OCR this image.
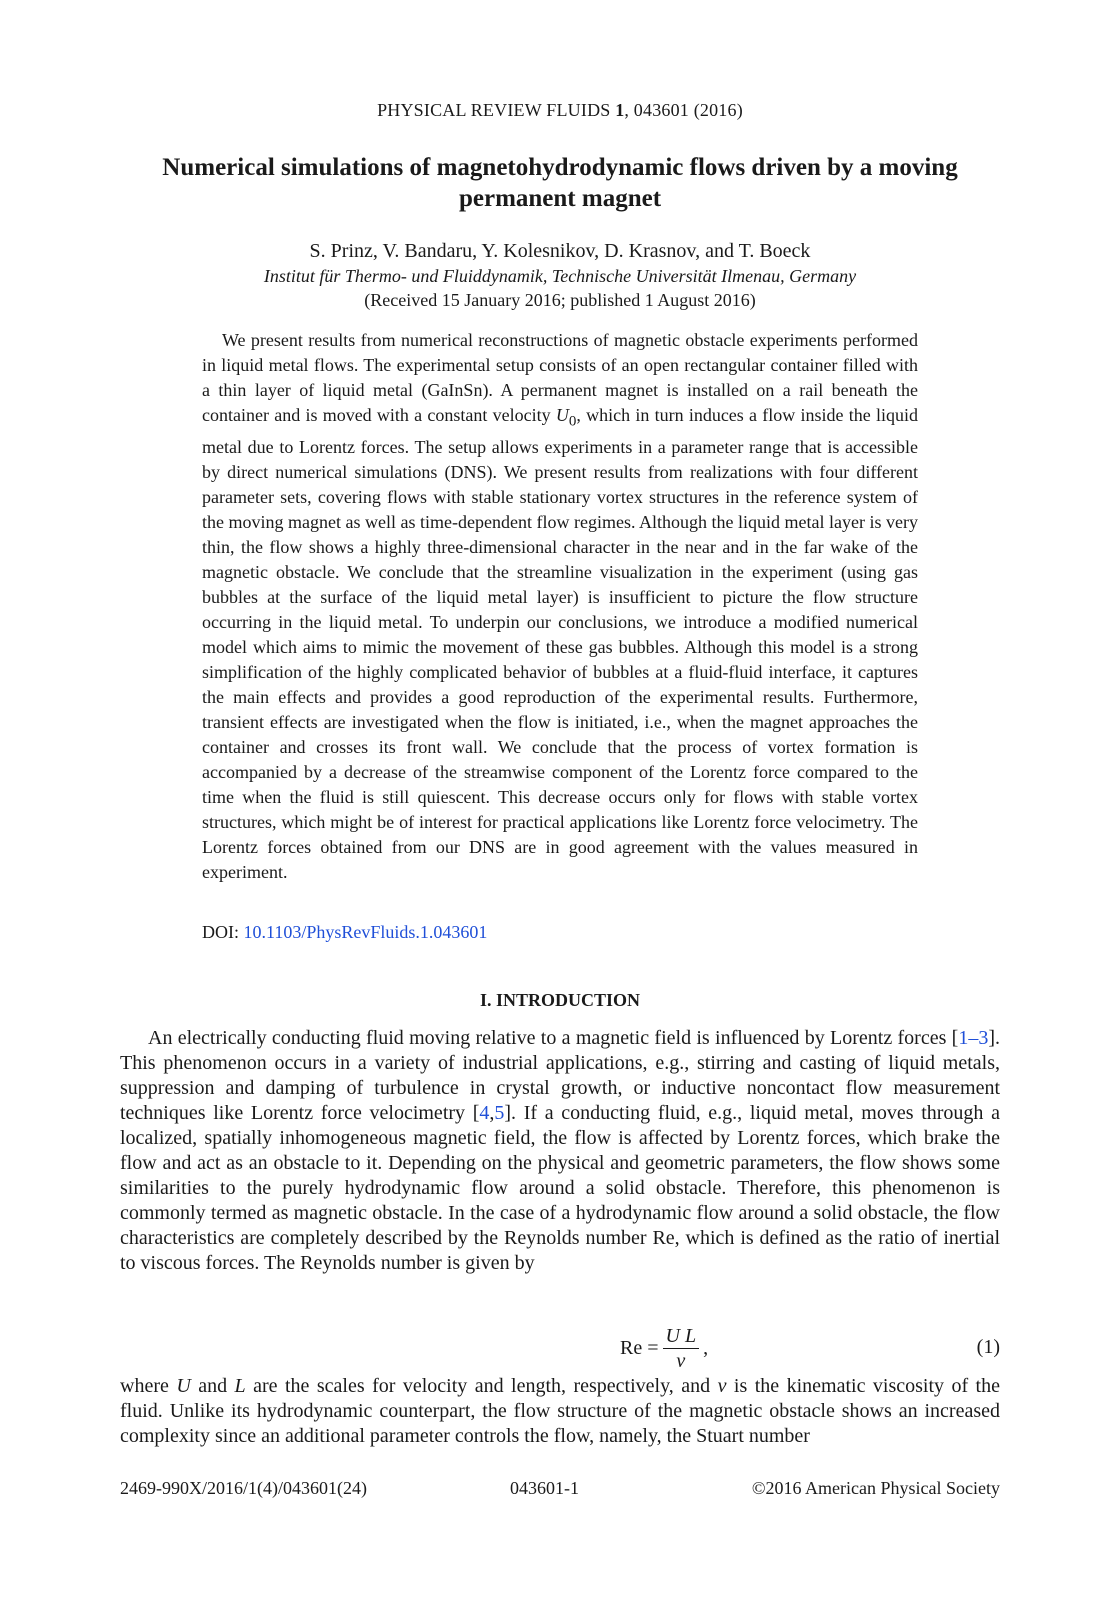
PHYSICAL REVIEW FLUIDS 1, 043601 (2016)
Numerical simulations of magnetohydrodynamic flows driven by a moving permanent magnet
S. Prinz, V. Bandaru, Y. Kolesnikov, D. Krasnov, and T. Boeck
Institut für Thermo- und Fluiddynamik, Technische Universität Ilmenau, Germany
(Received 15 January 2016; published 1 August 2016)

We present results from numerical reconstructions of magnetic obstacle experiments performed in liquid metal flows. The experimental setup consists of an open rectangular container filled with a thin layer of liquid metal (GaInSn). A permanent magnet is installed on a rail beneath the container and is moved with a constant velocity $U_0$, which in turn induces a flow inside the liquid metal due to Lorentz forces. The setup allows experiments in a parameter range that is accessible by direct numerical simulations (DNS). We present results from realizations with four different parameter sets, covering flows with stable stationary vortex structures in the reference system of the moving magnet as well as time-dependent flow regimes. Although the liquid metal layer is very thin, the flow shows a highly three-dimensional character in the near and in the far wake of the magnetic obstacle. We conclude that the streamline visualization in the experiment (using gas bubbles at the surface of the liquid metal layer) is insufficient to picture the flow structure occurring in the liquid metal. To underpin our conclusions, we introduce a modified numerical model which aims to mimic the movement of these gas bubbles. Although this model is a strong simplification of the highly complicated behavior of bubbles at a fluid-fluid interface, it captures the main effects and provides a good reproduction of the experimental results. Furthermore, transient effects are investigated when the flow is initiated, i.e., when the magnet approaches the container and crosses its front wall. We conclude that the process of vortex formation is accompanied by a decrease of the streamwise component of the Lorentz force compared to the time when the fluid is still quiescent. This decrease occurs only for flows with stable vortex structures, which might be of interest for practical applications like Lorentz force velocimetry. The Lorentz forces obtained from our DNS are in good agreement with the values measured in experiment.

DOI: 10.1103/PhysRevFluids.1.043601
I. INTRODUCTION

An electrically conducting fluid moving relative to a magnetic field is influenced by Lorentz forces [1–3]. This phenomenon occurs in a variety of industrial applications, e.g., stirring and casting of liquid metals, suppression and damping of turbulence in crystal growth, or inductive noncontact flow measurement techniques like Lorentz force velocimetry [4,5]. If a conducting fluid, e.g., liquid metal, moves through a localized, spatially inhomogeneous magnetic field, the flow is affected by Lorentz forces, which brake the flow and act as an obstacle to it. Depending on the physical and geometric parameters, the flow shows some similarities to the purely hydrodynamic flow around a solid obstacle. Therefore, this phenomenon is commonly termed as magnetic obstacle. In the case of a hydrodynamic flow around a solid obstacle, the flow characteristics are completely described by the Reynolds number Re, which is defined as the ratio of inertial to viscous forces. The Reynolds number is given by

$Re = \frac{\text{U L}}{\nu}$ ,	(1)

where U and L are the scales for velocity and length, respectively, and ν is the kinematic viscosity of the fluid. Unlike its hydrodynamic counterpart, the flow structure of the magnetic obstacle shows an increased complexity since an additional parameter controls the flow, namely, the Stuart number

2469-990X/2016/1(4)/043601(24)	043601-1	©2016 American Physical Society
